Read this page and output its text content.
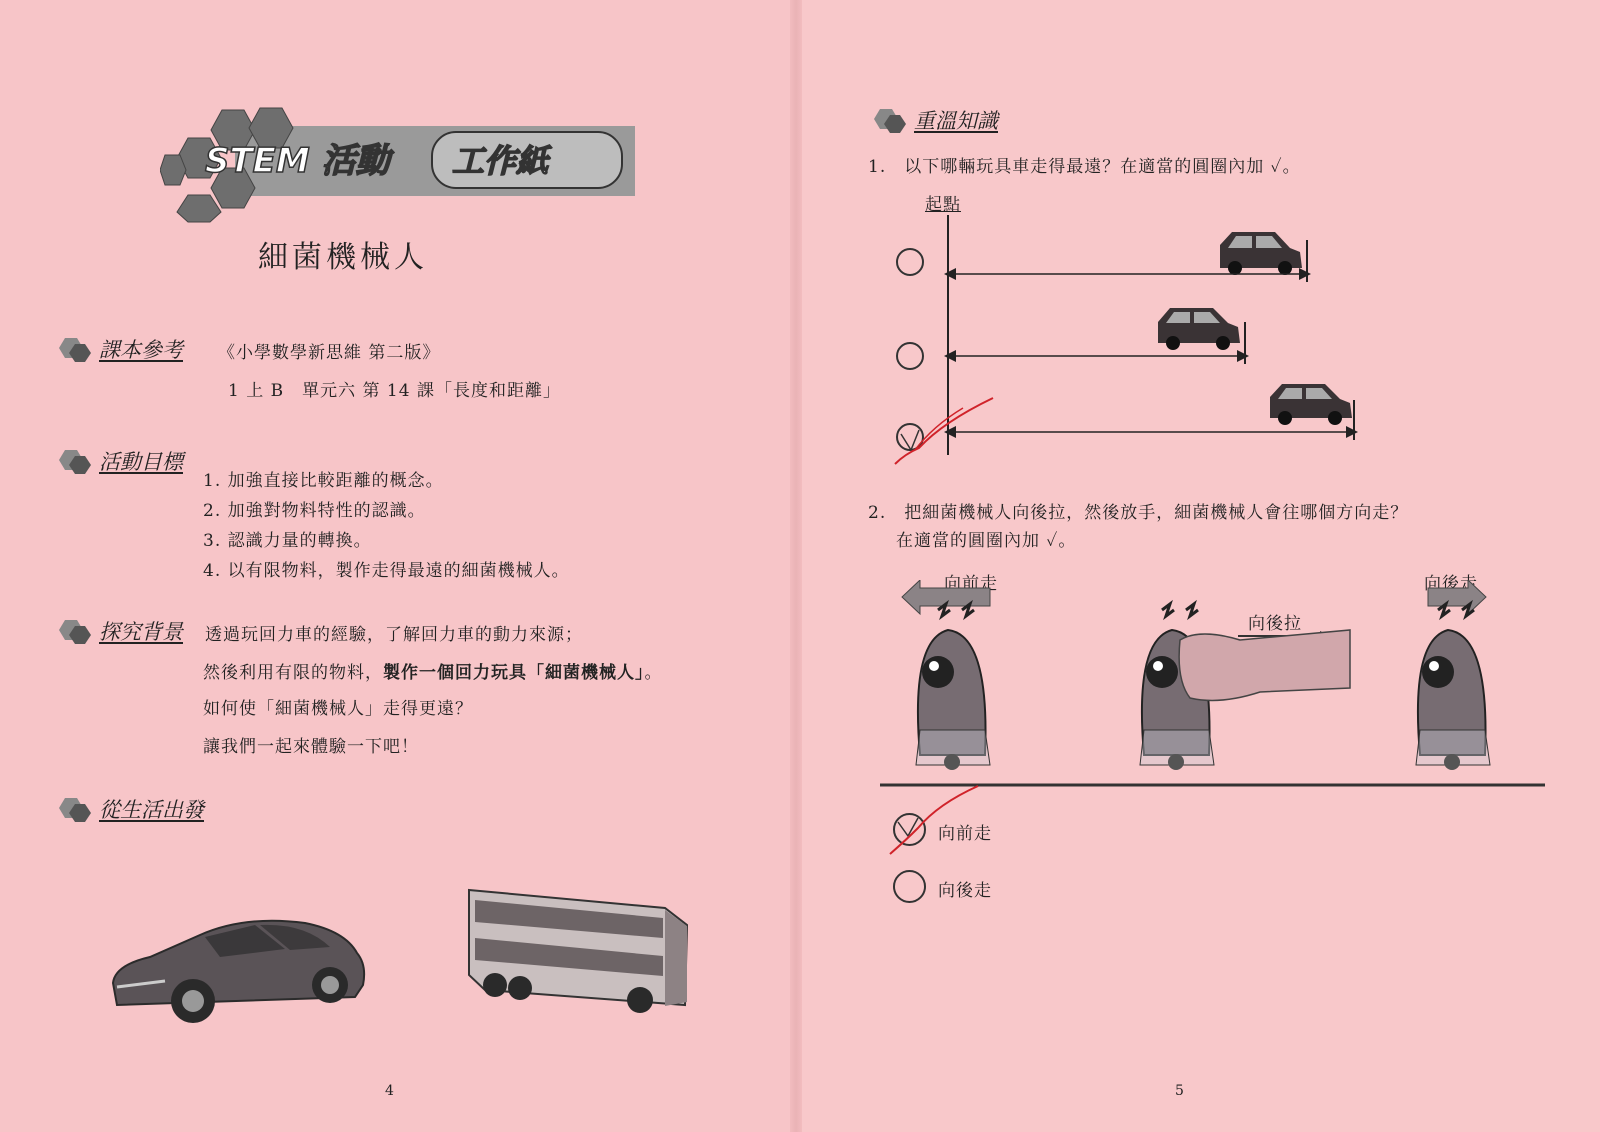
STEM 活動 工作紙
細菌機械人
課本參考 《小學數學新思維 第二版》
1 上 B　單元六 第 14 課「長度和距離」
活動目標
1. 加強直接比較距離的概念。
2. 加強對物料特性的認識。
3. 認識力量的轉換。
4. 以有限物料，製作走得最遠的細菌機械人。
探究背景 透過玩回力車的經驗，了解回力車的動力來源；
然後利用有限的物料，製作一個回力玩具「細菌機械人」。
如何使「細菌機械人」走得更遠？
讓我們一起來體驗一下吧！
從生活出發
4
重溫知識
1.　以下哪輛玩具車走得最遠？在適當的圓圈內加 ✓。
起點
2.　把細菌機械人向後拉，然後放手，細菌機械人會往哪個方向走？
在適當的圓圈內加 ✓。
向前走
向後拉
向後走
向前走
向後走
5
